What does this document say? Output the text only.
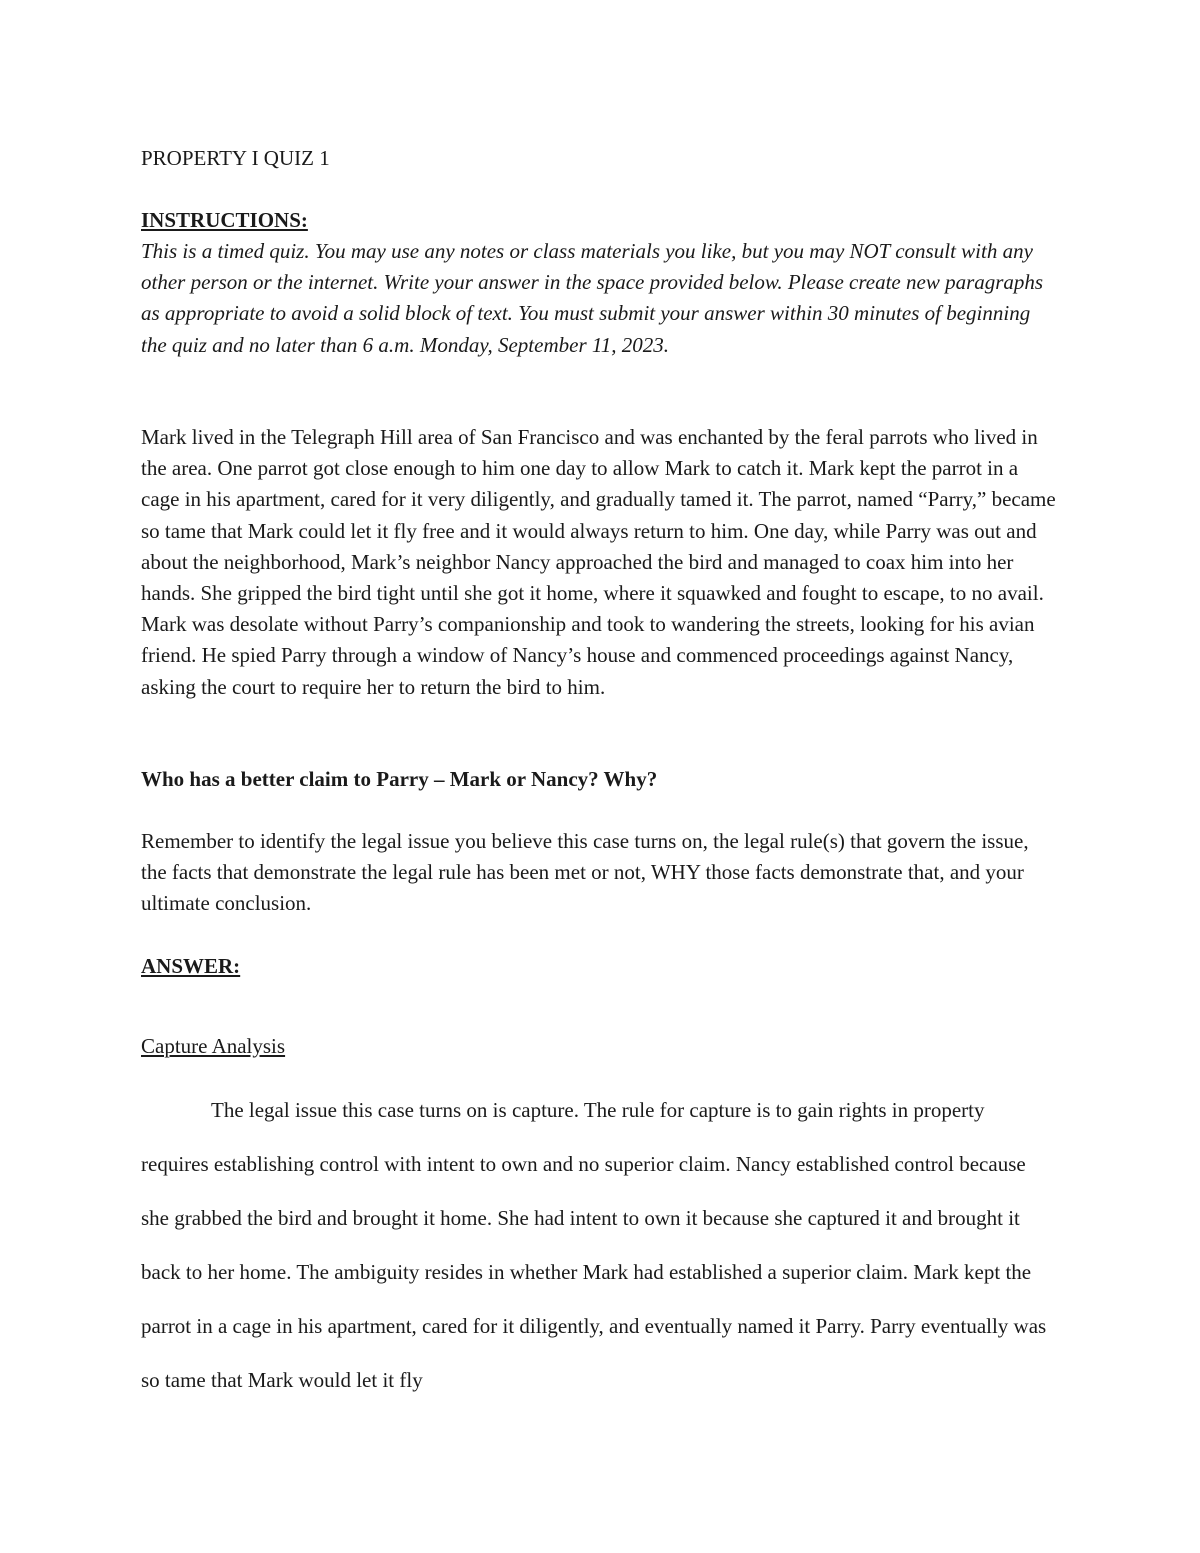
PROPERTY I QUIZ 1
INSTRUCTIONS:

This is a timed quiz. You may use any notes or class materials you like, but you may NOT consult with any other person or the internet. Write your answer in the space provided below. Please create new paragraphs as appropriate to avoid a solid block of text. You must submit your answer within 30 minutes of beginning the quiz and no later than 6 a.m. Monday, September 11, 2023.

Mark lived in the Telegraph Hill area of San Francisco and was enchanted by the feral parrots who lived in the area. One parrot got close enough to him one day to allow Mark to catch it. Mark kept the parrot in a cage in his apartment, cared for it very diligently, and gradually tamed it. The parrot, named “Parry,” became so tame that Mark could let it fly free and it would always return to him. One day, while Parry was out and about the neighborhood, Mark’s neighbor Nancy approached the bird and managed to coax him into her hands. She gripped the bird tight until she got it home, where it squawked and fought to escape, to no avail. Mark was desolate without Parry’s companionship and took to wandering the streets, looking for his avian friend. He spied Parry through a window of Nancy’s house and commenced proceedings against Nancy, asking the court to require her to return the bird to him.

Who has a better claim to Parry – Mark or Nancy? Why?

Remember to identify the legal issue you believe this case turns on, the legal rule(s) that govern the issue, the facts that demonstrate the legal rule has been met or not, WHY those facts demonstrate that, and your ultimate conclusion.

ANSWER:
Capture Analysis

The legal issue this case turns on is capture. The rule for capture is to gain rights in property requires establishing control with intent to own and no superior claim. Nancy established control because she grabbed the bird and brought it home. She had intent to own it because she captured it and brought it back to her home. The ambiguity resides in whether Mark had established a superior claim. Mark kept the parrot in a cage in his apartment, cared for it diligently, and eventually named it Parry. Parry eventually was so tame that Mark would let it fly
